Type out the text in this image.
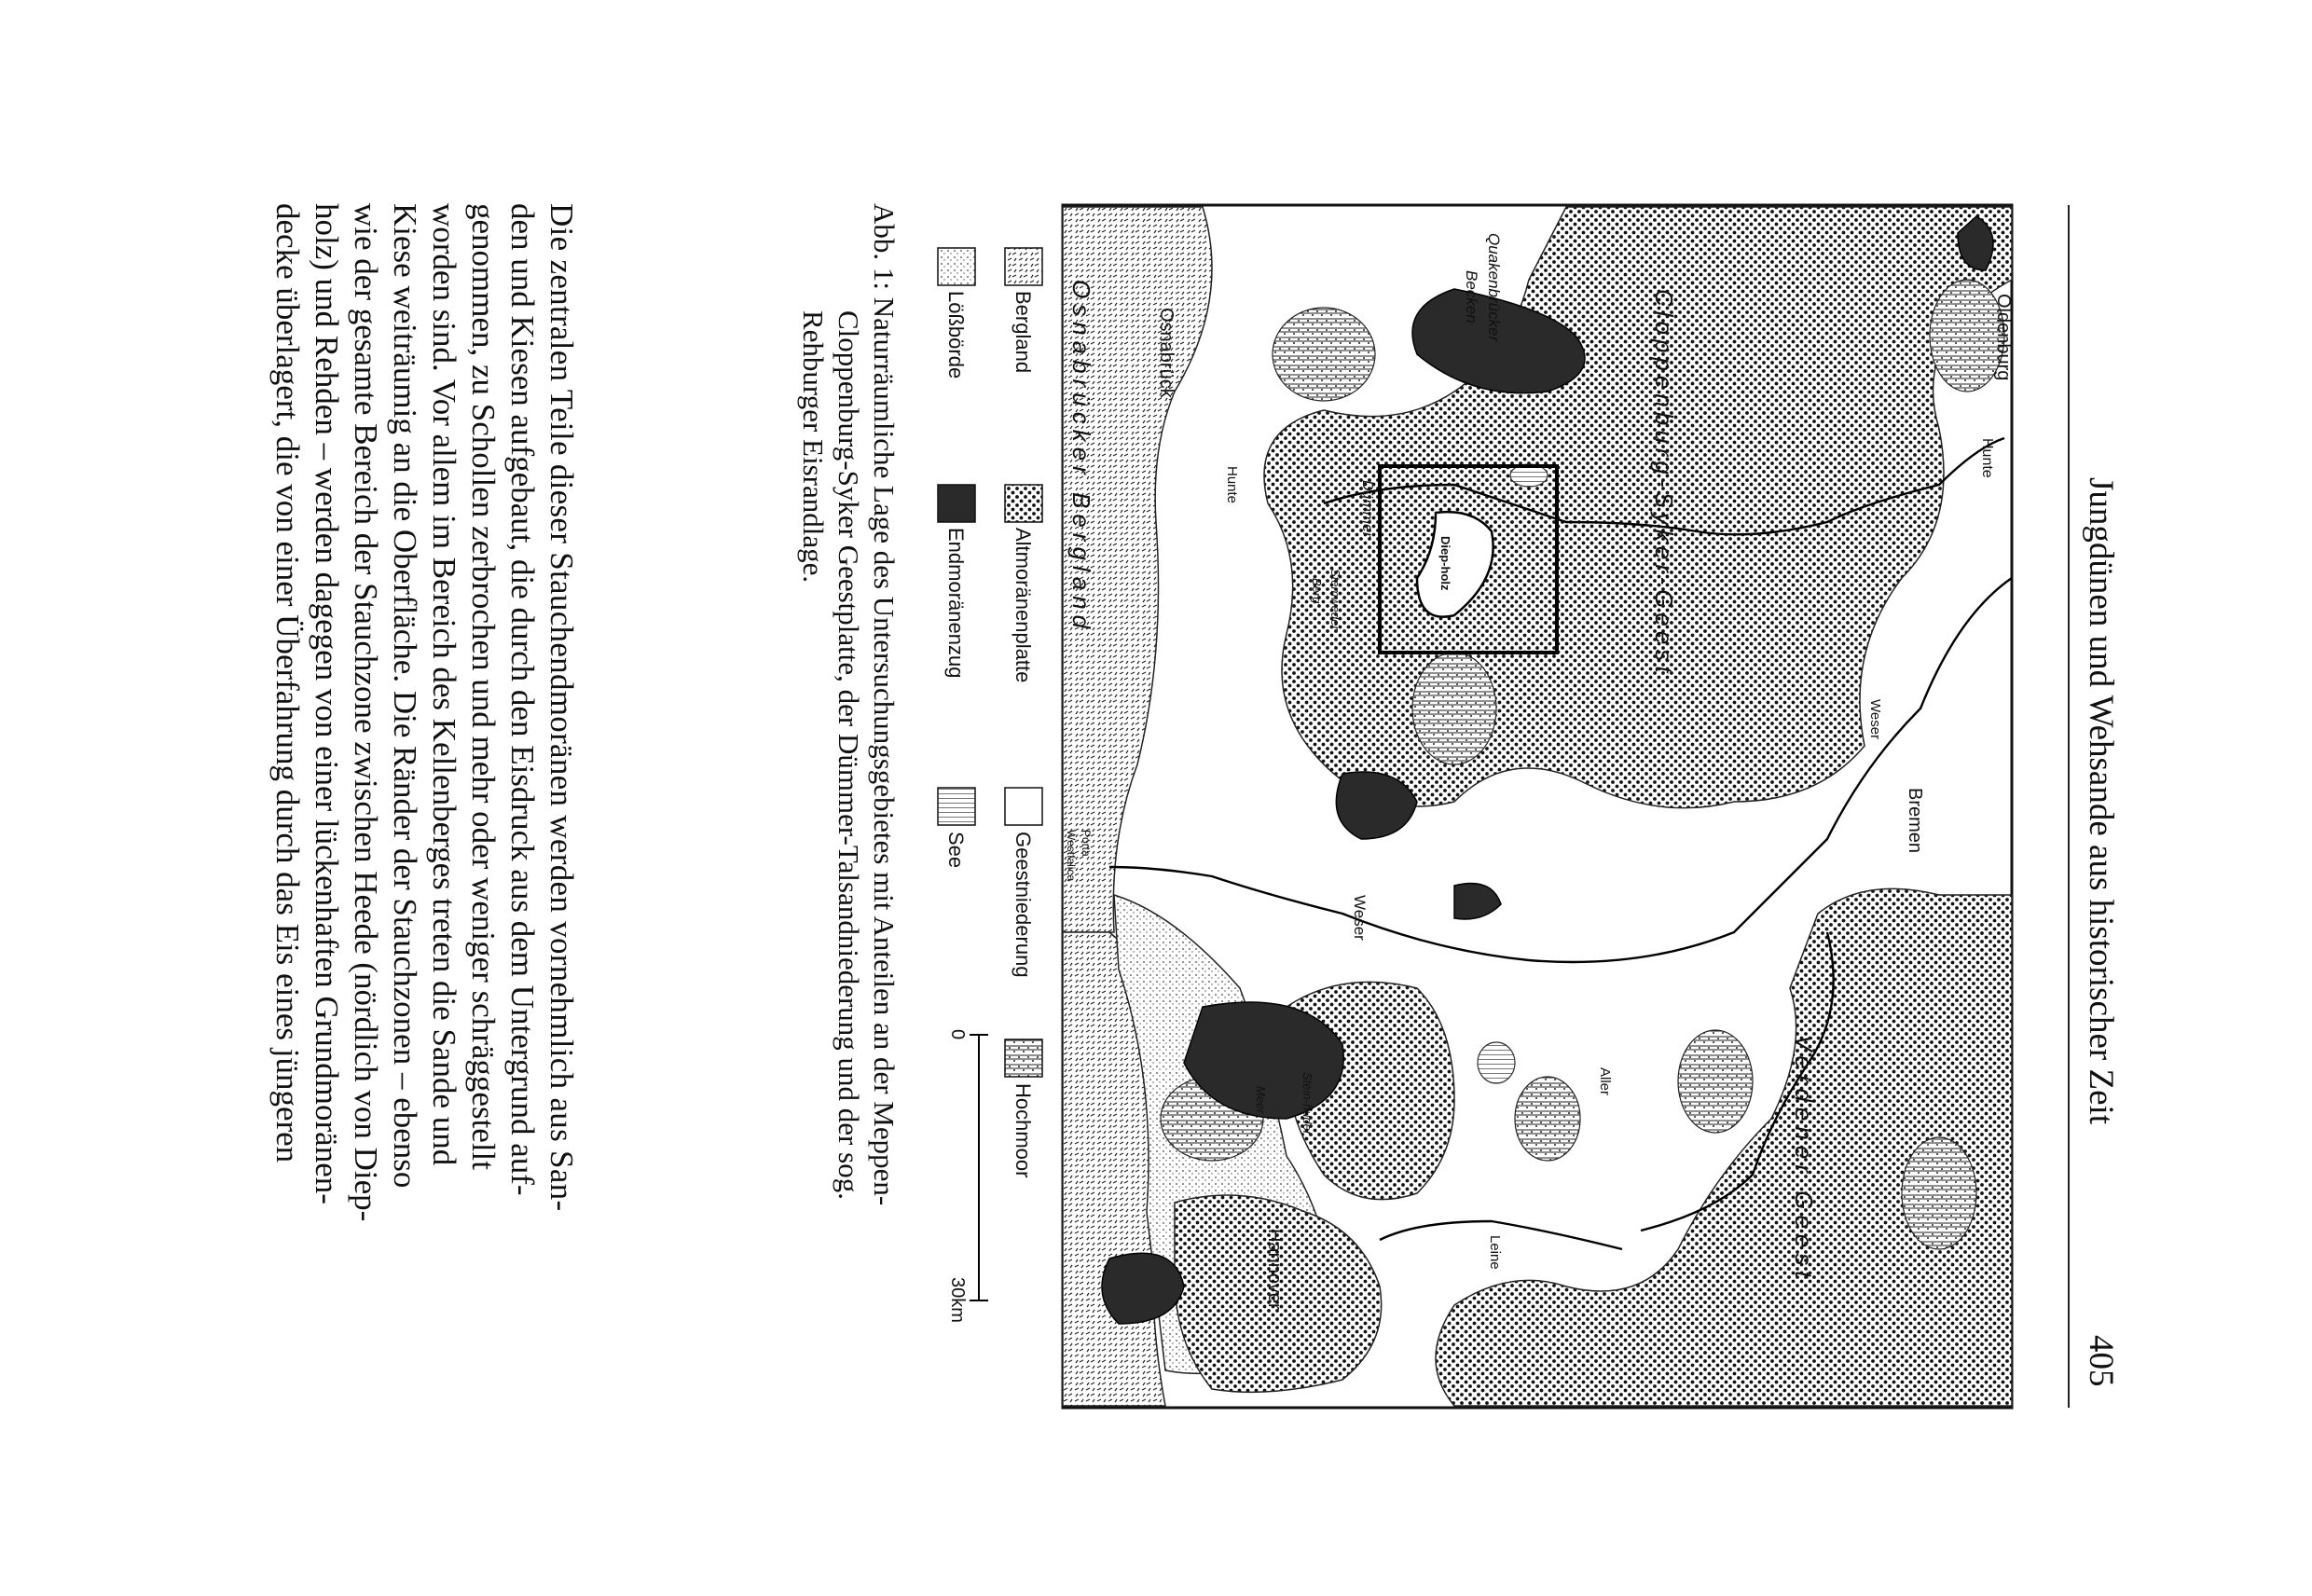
Jungdünen und Wehsande aus historischer Zeit
405
Oldenburg
Hunte
Bremen
Weser
Cloppenburg-Syker-Geest
Verdener Geest
Quakenbrücker
Becken
Hunte
Diep-holz
Dümmer
Stemweder
Berg
Osnabrück
Osnabrücker Bergland
Porta
Westfalica
Weser
Aller
Leine
Stein-huder
Meer
Hannover
Bergland
Altmoränenplatte
Geestniederung
Hochmoor
Lößbörde
Endmoränenzug
See
0
30km
Abb. 1: Naturräumliche Lage des Untersuchungsgebietes mit Anteilen an der Meppen-
Cloppenburg-Syker Geestplatte, der Dümmer-Talsandniederung und der sog.
Rehburger Eisrandlage.
Die zentralen Teile dieser Stauchendmoränen werden vornehmlich aus San-
den und Kiesen aufgebaut, die durch den Eisdruck aus dem Untergrund auf-
genommen, zu Schollen zerbrochen und mehr oder weniger schräggestellt
worden sind. Vor allem im Bereich des Kellenberges treten die Sande und
Kiese weiträumig an die Oberfläche. Die Ränder der Stauchzonen – ebenso
wie der gesamte Bereich der Stauchzone zwischen Heede (nördlich von Diep-
holz) und Rehden – werden dagegen von einer lückenhaften Grundmoränen-
decke überlagert, die von einer Überfahrung durch das Eis eines jüngeren
